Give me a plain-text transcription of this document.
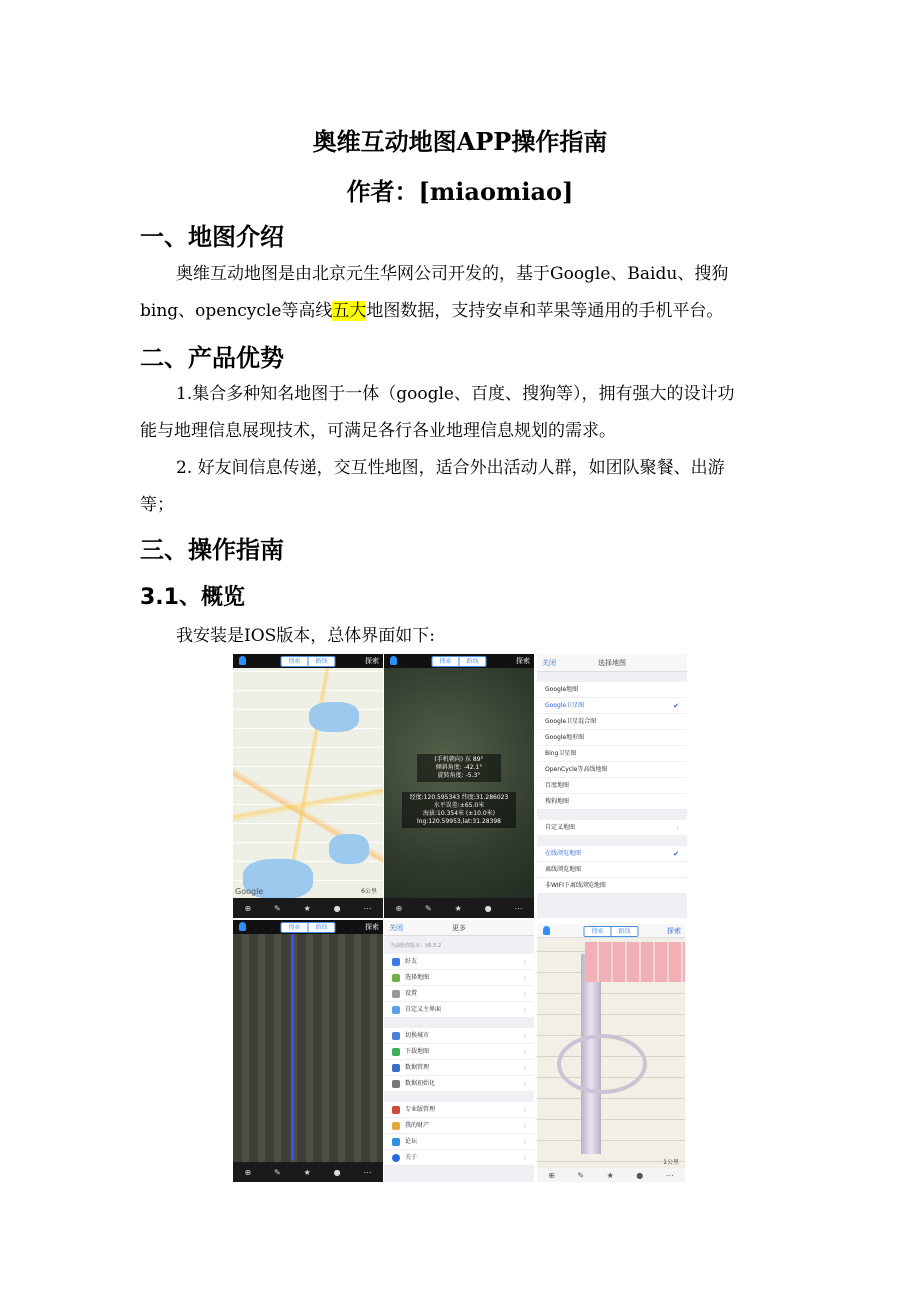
奥维互动地图APP操作指南
作者：[miaomiao]
一、地图介绍
奥维互动地图是由北京元生华网公司开发的，基于Google、Baidu、搜狗
bing、opencycle等高线五大地图数据，支持安卓和苹果等通用的手机平台。
二、产品优势
1.集合多种知名地图于一体（google、百度、搜狗等），拥有强大的设计功
能与地理信息展现技术，可满足各行各业地理信息规划的需求。
2. 好友间信息传递，交互性地图，适合外出活动人群，如团队聚餐、出游
等；
三、操作指南
3.1、概览
我安装是IOS版本，总体界面如下:
搜索	路线	探索
Google	6公里
⊕	✎	★	●	⋯
搜索	路线	探索
(手机朝向) 东 89°
倾斜角度: -42.1°
旋转角度: -5.3°
经度:120.595343 纬度:31.286023
水平误差:±65.0米
海拔:10.354米 (±10.0米)
lng:120.59953,lat:31.28398
⊕	✎	★	●	⋯
关闭	选择地图
Google地图
Google卫星图	✔
Google卫星混合图
Google地形图
Bing卫星图
OpenCycle等高线地图
百度地图
搜狗地图
自定义地图	›
在线浏览地图	✔
离线浏览地图
非WIFI下离线浏览地图
搜索	路线	探索
⊕	✎	★	●	⋯
关闭	更多
当前软件版本：V6.5.2
好友	›
选择地图	›
设置	›
自定义主界面	›
切换城市	›
下载地图	›
数据管理	›
数据初始化	›
专业版管理	›
我的财产	›
论坛	›
关于	›
搜索	路线	探索
1公里
⊕	✎	★	●	⋯
